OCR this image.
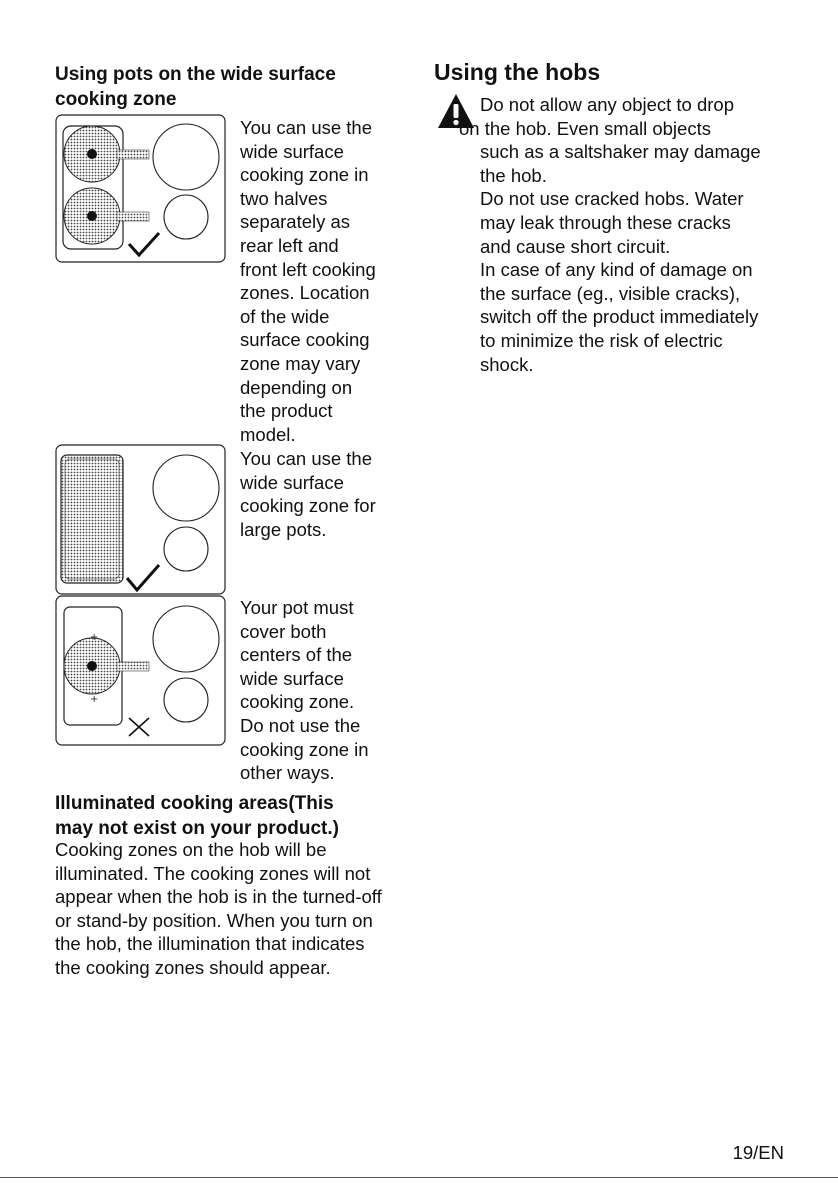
Using pots on the wide surface
cooking zone
You can use the
wide surface
cooking zone in
two halves
separately as
rear left and
front left cooking
zones. Location
of the wide
surface cooking
zone may vary
depending on
the product
model.
You can use the
wide surface
cooking zone for
large pots.
+
+
Your pot must
cover both
centers of the
wide surface
cooking zone.
Do not use the
cooking zone in
other ways.
Illuminated cooking areas(This
may not exist on your product.)
Cooking zones on the hob will be
illuminated. The cooking zones will not
appear when the hob is in the turned-off
or stand-by position. When you turn on
the hob, the illumination that indicates
the cooking zones should appear.
Using the hobs
Do not allow any object to drop
on the hob. Even small objects
such as a saltshaker may damage
the hob.
Do not use cracked hobs. Water
may leak through these cracks
and cause short circuit.
In case of any kind of damage on
the surface (eg., visible cracks),
switch off the product immediately
to minimize the risk of electric
shock.
19/EN
